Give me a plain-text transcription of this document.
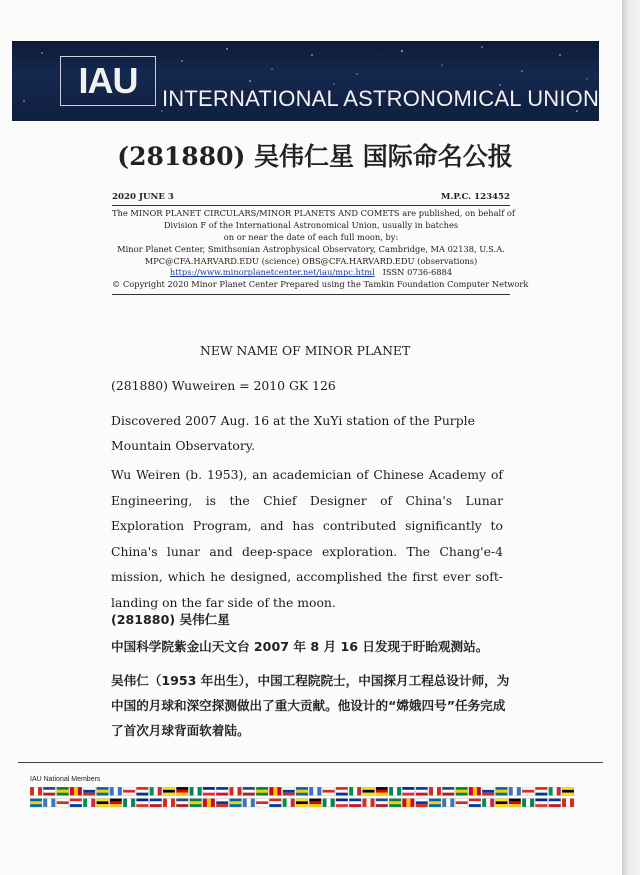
IAU	INTERNATIONAL ASTRONOMICAL UNION
(281880) 吴伟仁星 国际命名公报
2020 JUNE 3	M.P.C. 123452
The MINOR PLANET CIRCULARS/MINOR PLANETS AND COMETS are published, on behalf of
Division F of the International Astronomical Union, usually in batches
on or near the date of each full moon, by:
Minor Planet Center, Smithsonian Astrophysical Observatory, Cambridge, MA 02138, U.S.A.
MPC@CFA.HARVARD.EDU (science) OBS@CFA.HARVARD.EDU (observations)
https://www.minorplanetcenter.net/iau/mpc.html ISSN 0736-6884
© Copyright 2020 Minor Planet Center Prepared using the Tamkin Foundation Computer Network
NEW NAME OF MINOR PLANET
(281880) Wuweiren = 2010 GK 126
Discovered 2007 Aug. 16 at the XuYi station of the Purple Mountain Observatory.
Wu Weiren (b. 1953), an academician of Chinese Academy of Engineering, is the Chief Designer of China's Lunar Exploration Program, and has contributed significantly to China's lunar and deep-space exploration. The Chang'e-4 mission, which he designed, accomplished the first ever soft-landing on the far side of the moon.
(281880) 吴伟仁星
中国科学院紫金山天文台 2007 年 8 月 16 日发现于盱眙观测站。
吴伟仁（1953 年出生），中国工程院院士，中国探月工程总设计师，为中国的月球和深空探测做出了重大贡献。他设计的“嫦娥四号”任务完成了首次月球背面软着陆。
IAU National Members
